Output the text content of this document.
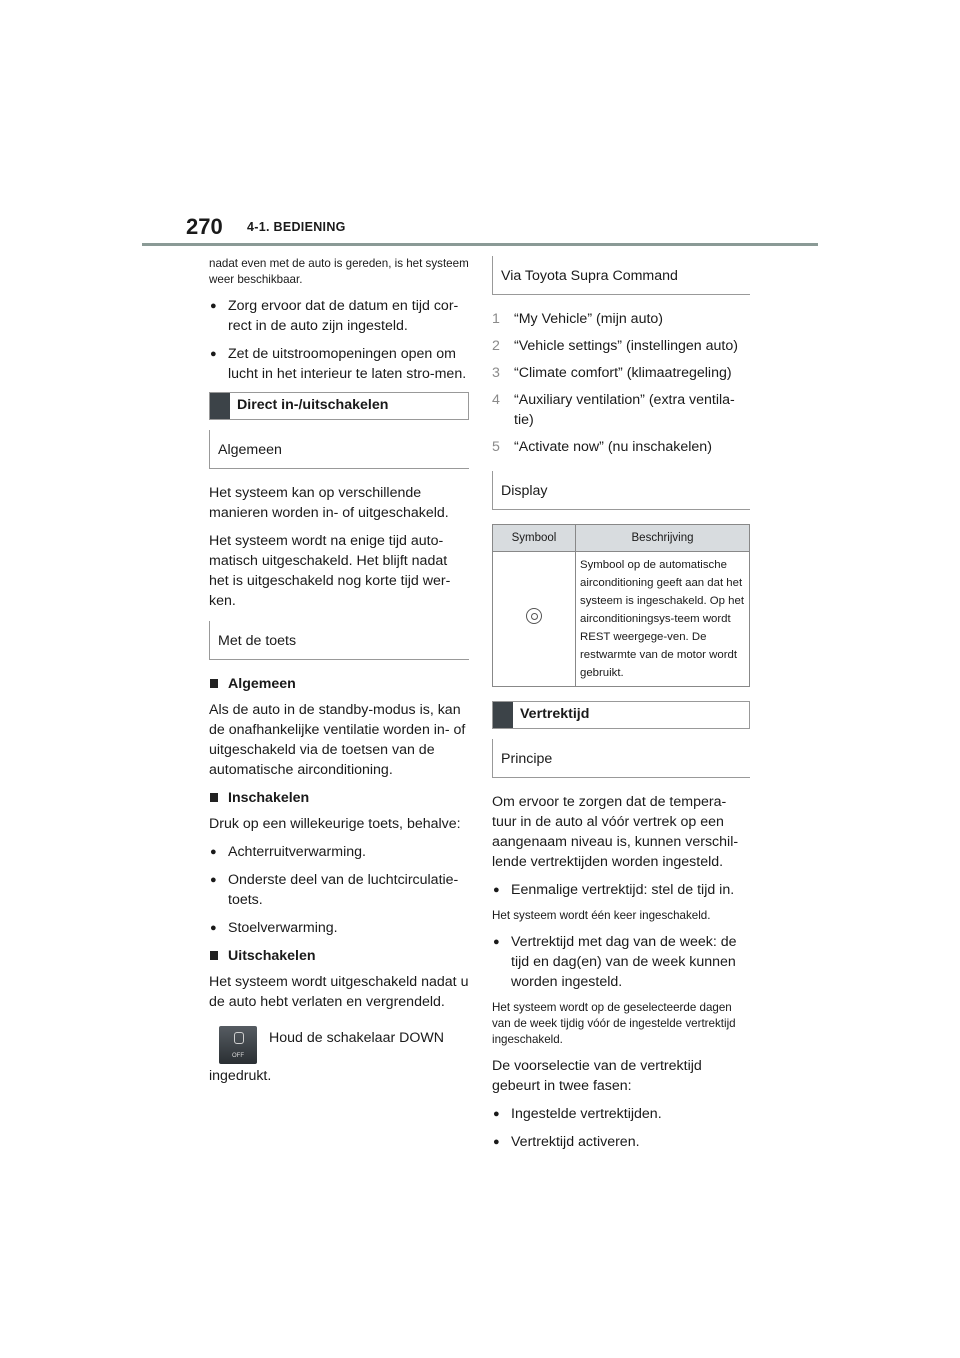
270 4-1. BEDIENING

nadat even met de auto is gereden, is het systeem weer beschikbaar.

● Zorg ervoor dat de datum en tijd cor-rect in de auto zijn ingesteld.
● Zet de uitstroomopeningen open om lucht in het interieur te laten stro-men.
Direct in-/uitschakelen
Algemeen

Het systeem kan op verschillende manieren worden in- of uitgeschakeld.

Het systeem wordt na enige tijd auto-matisch uitgeschakeld. Het blijft nadat het is uitgeschakeld nog korte tijd wer-ken.

Met de toets
Algemeen

Als de auto in de standby-modus is, kan de onafhankelijke ventilatie worden in- of uitgeschakeld via de toetsen van de automatische airconditioning.

Inschakelen

Druk op een willekeurige toets, behalve:

● Achterruitverwarming.
● Onderste deel van de luchtcirculatie-toets.
● Stoelverwarming.
Uitschakelen

Het systeem wordt uitgeschakeld nadat u de auto hebt verlaten en vergrendeld.

OFF
Houd de schakelaar DOWN

ingedrukt.

Via Toyota Supra Command
1 “My Vehicle” (mijn auto)
2 “Vehicle settings” (instellingen auto)
3 “Climate comfort” (klimaatregeling)
4 “Auxiliary ventilation” (extra ventila-tie)
5 “Activate now” (nu inschakelen)
Display
Symbool	Beschrijving
	Symbool op de automatische airconditioning geeft aan dat het systeem is ingeschakeld. Op het airconditioningsys-teem wordt REST weergege-ven. De restwarmte van de motor wordt gebruikt.
Vertrektijd
Principe

Om ervoor te zorgen dat de tempera-tuur in de auto al vóór vertrek op een aangenaam niveau is, kunnen verschil-lende vertrektijden worden ingesteld.

● Eenmalige vertrektijd: stel de tijd in.

Het systeem wordt één keer ingeschakeld.

● Vertrektijd met dag van de week: de tijd en dag(en) van de week kunnen worden ingesteld.

Het systeem wordt op de geselecteerde dagen van de week tijdig vóór de ingestelde vertrektijd ingeschakeld.

De voorselectie van de vertrektijd gebeurt in twee fasen:

● Ingestelde vertrektijden.
● Vertrektijd activeren.
